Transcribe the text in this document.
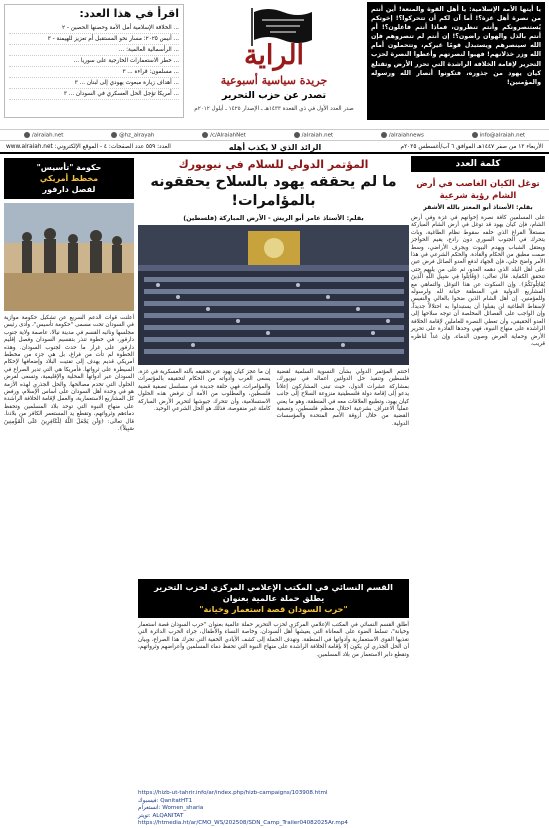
يا أيتها الأمة الإسلامية: يا أهل القوة والمنعة! أين أنتم من نصرة أهل غزة؟! أما آن لكم أن تتحركوا؟! إخوتكم يُستنصرونكم وأنتم تنظرون، فماذا أنتم فاعلون؟! أم أنتم بالذل والهوان راضون؟! إن أنتم لم تنصروهم فإن الله سينصرهم ويستبدل قومًا غيركم، وتتحملون أمام الله وزر خذلانهم! فهبوا لنصرتهم وأعطوا النصرة لحزب التحرير لإقامة الخلافة الراشدة التي تحرر الأرض وتقتلع كيان يهود من جذوره، فتكونوا أنصار الله ورسوله والمؤمنين!

الراية
جريدة سياسية أسبوعية
تصدر عن حزب التحرير
صدر العدد الأول في ذي القعدة ١٤٣٣هـ ـ الإصدار ١٤٢٥ ـ أيلول ٢٠١٢م
اقرأ في هذا العدد:
... الخلافة الإسلامية أمل الأمة وحصنها الحصين - ٢
... أنيس ٢٠٢٥: مسار نحو المستقبل أم تعزيز للهيمنة - ٣
... الرأسمالية العالمية: ...
... خطر الاستعمارات الخارجية على سوريا ...
... مسلمون: قراءة ... ٣
... أهداف زيارة مبعوث يهودي إلى لبنان ... ٣
... أمريكا تؤجل الحل العسكري في السودان ... ٣
/alraiah.net	@hz_alrayah	/c/AlraiahNet	/alraiah.net	/alraiahnews	info@alraiah.net
الأربعاء ١٢ من صفر ١٤٤٧هـ الموافق ٦ آب/أغسطس ٢٠٢٥م
الرائد الذي لا يكذب أهله
العدد: ٥٥٩ عدد الصفحات: ٤ - الموقع الإلكتروني: www.alraiah.net
كلمة العدد
توغل الكيان الغاصب في أرض الشام رؤية شرعية
بقلم: الأستاذ أبو المعتز بالله الأشقر
على المسلمين كافة نصرة إخوانهم في غزة وفي أرض الشام، فإن كيان يهود قد توغل في أرض الشام المباركة مستغلاً الفراغ الذي خلفه سقوط نظام الطاغية، وبات يتحرك في الجنوب السوري دون رادع، يقيم الحواجز ويعتقل الشباب ويهدم البيوت ويجرف الأراضي، وسط صمت مطبق من الحكام والقادة. والحكم الشرعي في هذا الأمر واضح جلي، فإن الجهاد لدفع العدو الصائل فرض عين على أهل البلد الذي دهمه العدو، ثم على من يليهم حتى تتحقق الكفاية. قال تعالى: ﴿وَقَاتِلُوا فِي سَبِيلِ اللَّهِ الَّذِينَ يُقَاتِلُونَكُمْ﴾. وإن السكوت عن هذا التوغل والتماهي مع المشاريع الدولية في المنطقة خيانة لله ولرسوله وللمؤمنين. إن أهل الشام الذين ضحوا بالغالي والنفيس لإسقاط الطاغية لن يقبلوا أن يستبدلوا به احتلالاً جديداً، وإن الواجب على الفصائل المخلصة أن توجه سلاحها إلى العدو الحقيقي، وأن تعطي النصرة للعاملين لإقامة الخلافة الراشدة على منهاج النبوة، فهي وحدها القادرة على تحرير الأرض وحماية العرض وصون الدماء، وإن غداً لناظره قريب.
المؤتمر الدولي للسلام في نيويورك
ما لم يحققه يهود بالسلاح يحققونه بالمؤامرات!
بقلم: الأستاذ عامر أبو الريش - الأرض المباركة (فلسطين)
اختتم المؤتمر الدولي بشأن التسوية السلمية لقضية فلسطين وتنفيذ حل الدولتين أعماله في نيويورك، بمشاركة عشرات الدول، حيث تبنى المشاركون إعلاناً يدعو إلى إقامة دولة فلسطينية منزوعة السلاح إلى جانب كيان يهود، وتطبيع العلاقات معه في المنطقة، وهو ما يعني عملياً الاعتراف بشرعية احتلال معظم فلسطين، وتصفية القضية من خلال أروقة الأمم المتحدة والمؤسسات الدولية.
إن ما عجز كيان يهود عن تحقيقه بآلته العسكرية في غزة، يسعى الغرب وأدواته من الحكام لتحقيقه بالمؤتمرات والمؤامرات، فهي حلقة جديدة في مسلسل تصفية قضية فلسطين، والمطلوب من الأمة أن ترفض هذه الحلول الاستسلامية، وأن تتحرك جيوشها لتحرير الأرض المباركة كاملة غير منقوصة، فذلك هو الحل الشرعي الوحيد.
القسم النسائي في المكتب الإعلامي المركزي لحزب التحرير يطلق حملة عالمية بعنوان
"حرب السودان قصة استعمار وخيانة"
أطلق القسم النسائي في المكتب الإعلامي المركزي لحزب التحرير حملة عالمية بعنوان "حرب السودان قصة استعمار وخيانة"، تسلط الضوء على المعاناة التي يعيشها أهل السودان، وخاصة النساء والأطفال، جراء الحرب الدائرة التي تغذيها القوى الاستعمارية وأدواتها في المنطقة. وتهدف الحملة إلى كشف الأيادي الخفية التي تحرك هذا الصراع، وبيان أن الحل الجذري لن يكون إلا بإقامة الخلافة الراشدة على منهاج النبوة التي تحفظ دماء المسلمين وأعراضهم وثرواتهم، وتقطع دابر الاستعمار من بلاد المسلمين.
https://hizb-ut-tahrir.info/ar/index.php/hizb-campaigns/103908.html
فيسبوك: QanitatHT1
انستغرام: Women_sharia
تويتر: ALQANITAT
https://htmedia.ht/ar/CMO_WS/202508/SDN_Camp_Trailer04082025Ar.mp4
حكومة "تأسيس"
مخطط أمريكي
لفصل دارفور
أعلنت قوات الدعم السريع عن تشكيل حكومة موازية في السودان تحت مسمى "حكومة تأسيس"، وأدى رئيس مجلسها ونائبه القسم في مدينة نيالا، عاصمة ولاية جنوب دارفور، في خطوة تنذر بتقسيم السودان وفصل إقليم دارفور على غرار ما حدث لجنوب السودان. وهذه الخطوة لم تأت من فراغ، بل هي جزء من مخطط أمريكي قديم يهدف إلى تفتيت البلاد وإضعافها لإحكام السيطرة على ثرواتها. فأمريكا هي التي تدير الصراع في السودان عبر أدواتها المحلية والإقليمية، وتسعى لفرض الحلول التي تخدم مصالحها. والحل الجذري لهذه الأزمة هو في وحدة أهل السودان على أساس الإسلام، ورفض كل المشاريع الاستعمارية، والعمل لإقامة الخلافة الراشدة على منهاج النبوة التي توحد بلاد المسلمين وتحفظ دماءهم وثرواتهم، وتقطع يد المستعمر الكافر من بلادنا. قال تعالى: ﴿وَلَن يَجْعَلَ اللَّهُ لِلْكَافِرِينَ عَلَى الْمُؤْمِنِينَ سَبِيلاً﴾.
